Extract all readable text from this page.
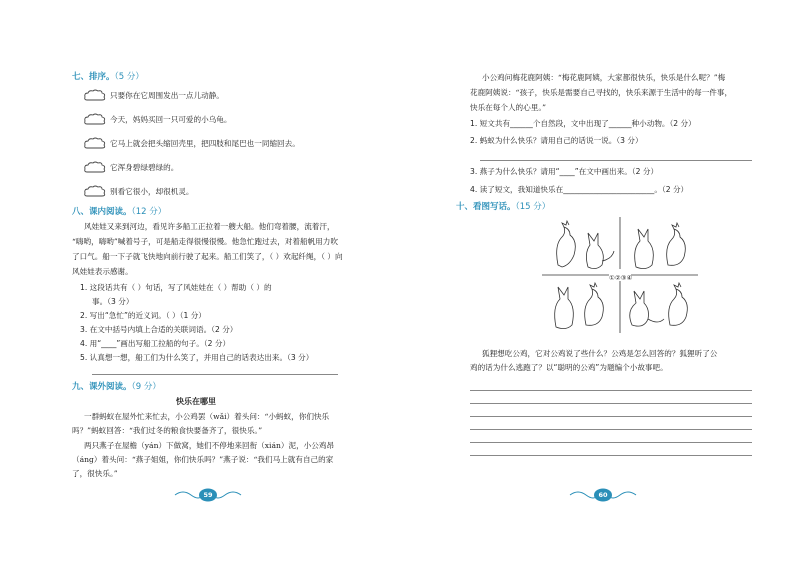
七、排序。（5 分）
只要你在它周围发出一点儿动静。
今天，妈妈买回一只可爱的小乌龟。
它马上就会把头缩回壳里，把四肢和尾巴也一同缩回去。
它浑身碧绿碧绿的。
别看它很小，却很机灵。
八、课内阅读。（12 分）
风娃娃又来到河边，看见许多船工正拉着一艘大船。他们弯着腰，流着汗，
“嗨哟，嗨哟”喊着号子，可是船走得很慢很慢。他急忙跑过去，对着船帆用力吹
了口气。船一下子就飞快地向前行驶了起来。船工们笑了，（ ）欢起纤绳，（ ）向
风娃娃表示感谢。
1. 这段话共有（ ）句话，写了风娃娃在（ ）帮助（ ）的
事。（3 分）
2. 写出“急忙”的近义词。（ ）（1 分）
3. 在文中括号内填上合适的关联词语。（2 分）
4. 用“____”画出写船工拉船的句子。（2 分）
5. 认真想一想，船工们为什么笑了，并用自己的话表达出来。（3 分）
九、课外阅读。（9 分）
快乐在哪里
一群蚂蚁在屋外忙来忙去，小公鸡罢（wǎi）着头问：“小蚂蚁，你们快乐
吗？”蚂蚁回答：“我们过冬的粮食快要备齐了，很快乐。”
两只燕子在屋檐（yán）下做窝，她们不停地来回衔（xián）泥，小公鸡昂
（áng）着头问：“燕子姐姐，你们快乐吗？”燕子说：“我们马上就有自己的家
了，很快乐。”
59
小公鸡问梅花鹿阿姨：“梅花鹿阿姨，大家都很快乐，快乐是什么呢？”梅
花鹿阿姨说：“孩子，快乐是需要自己寻找的，快乐来源于生活中的每一件事，
快乐在每个人的心里。”
1. 短文共有______个自然段，文中出现了______种小动物。（2 分）
2. 蚂蚁为什么快乐？请用自己的话说一说。（3 分）
3. 燕子为什么快乐？请用“____”在文中画出来。（2 分）
4. 读了短文，我知道快乐在________________________。（2 分）
十、看图写话。（15 分）
①②③④
狐狸想吃公鸡，它对公鸡说了些什么？公鸡是怎么回答的？狐狸听了公
鸡的话为什么逃跑了？以“聪明的公鸡”为题编个小故事吧。
60
